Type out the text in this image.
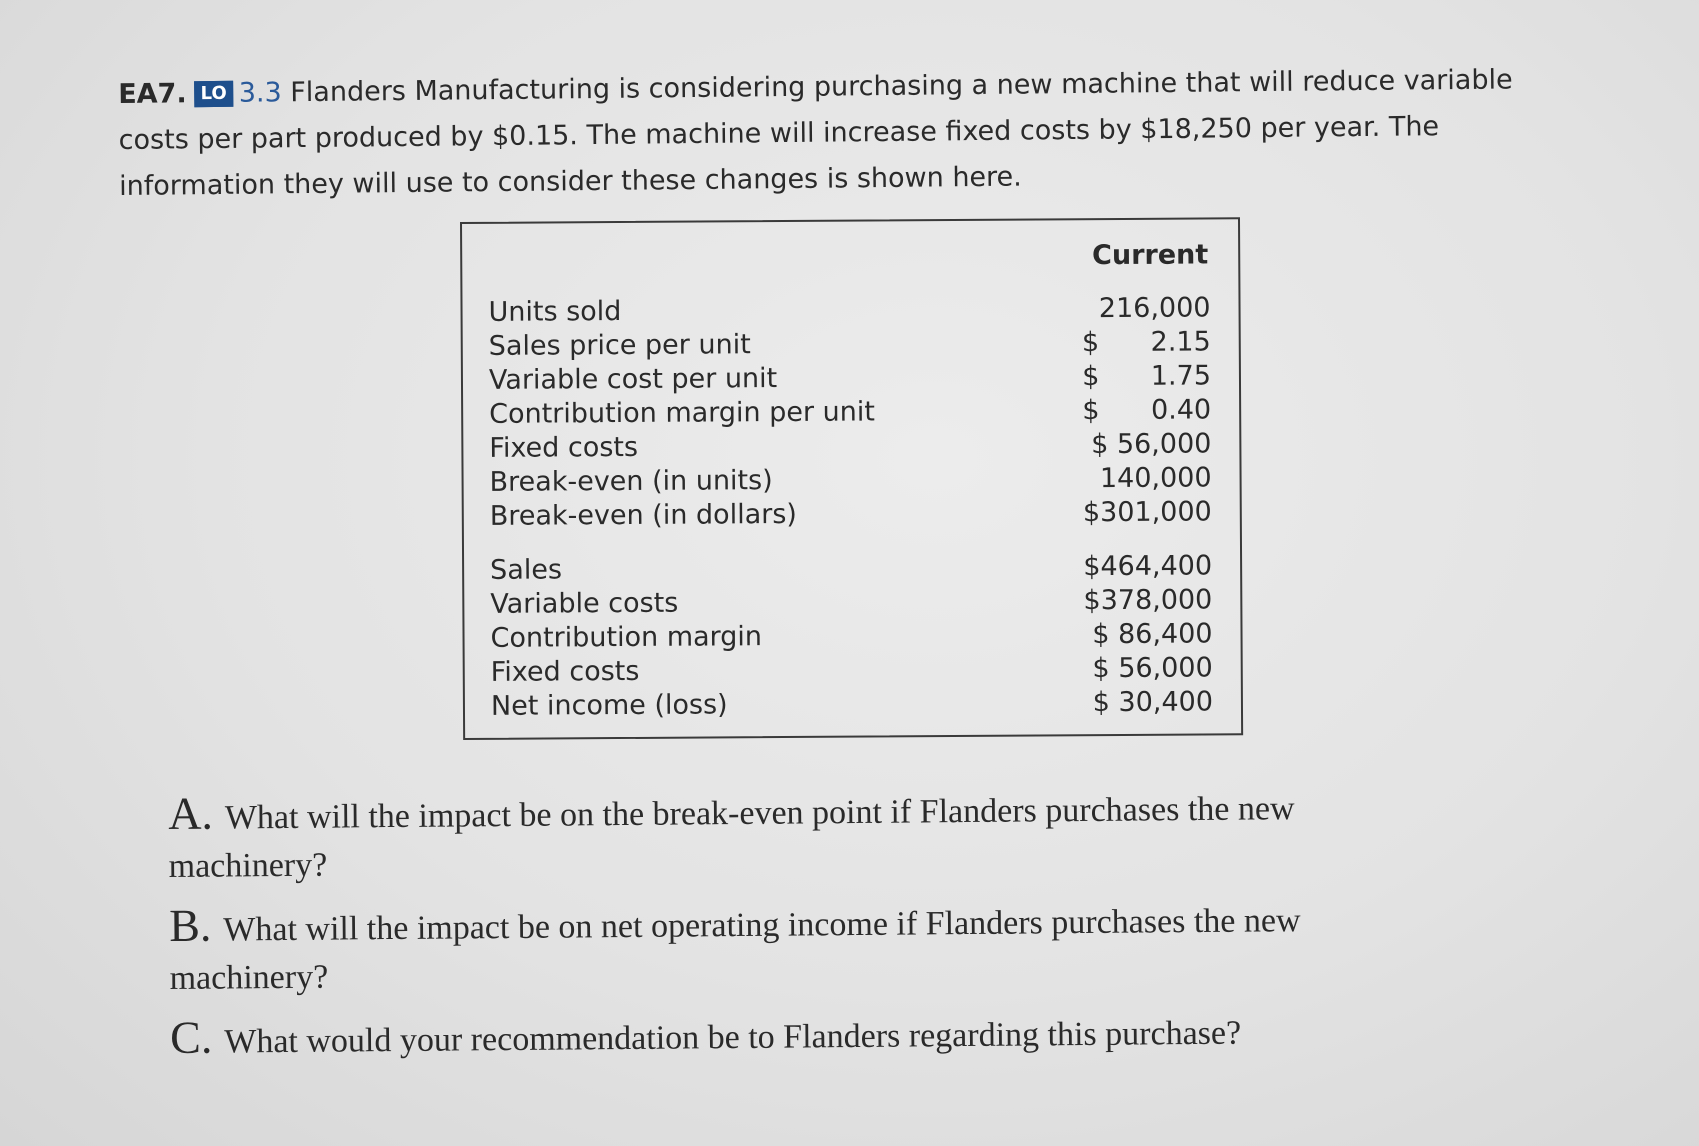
EA7. LO 3.3 Flanders Manufacturing is considering purchasing a new machine that will reduce variable costs per part produced by $0.15. The machine will increase fixed costs by $18,250 per year. The information they will use to consider these changes is shown here.
Current
Units sold	216,000
Sales price per unit	$      2.15
Variable cost per unit	$      1.75
Contribution margin per unit	$      0.40
Fixed costs	$ 56,000
Break-even (in units)	140,000
Break-even (in dollars)	$301,000
Sales	$464,400
Variable costs	$378,000
Contribution margin	$ 86,400
Fixed costs	$ 56,000
Net income (loss)	$ 30,400
A. What will the impact be on the break-even point if Flanders purchases the new machinery?
B. What will the impact be on net operating income if Flanders purchases the new machinery?
C. What would your recommendation be to Flanders regarding this purchase?
